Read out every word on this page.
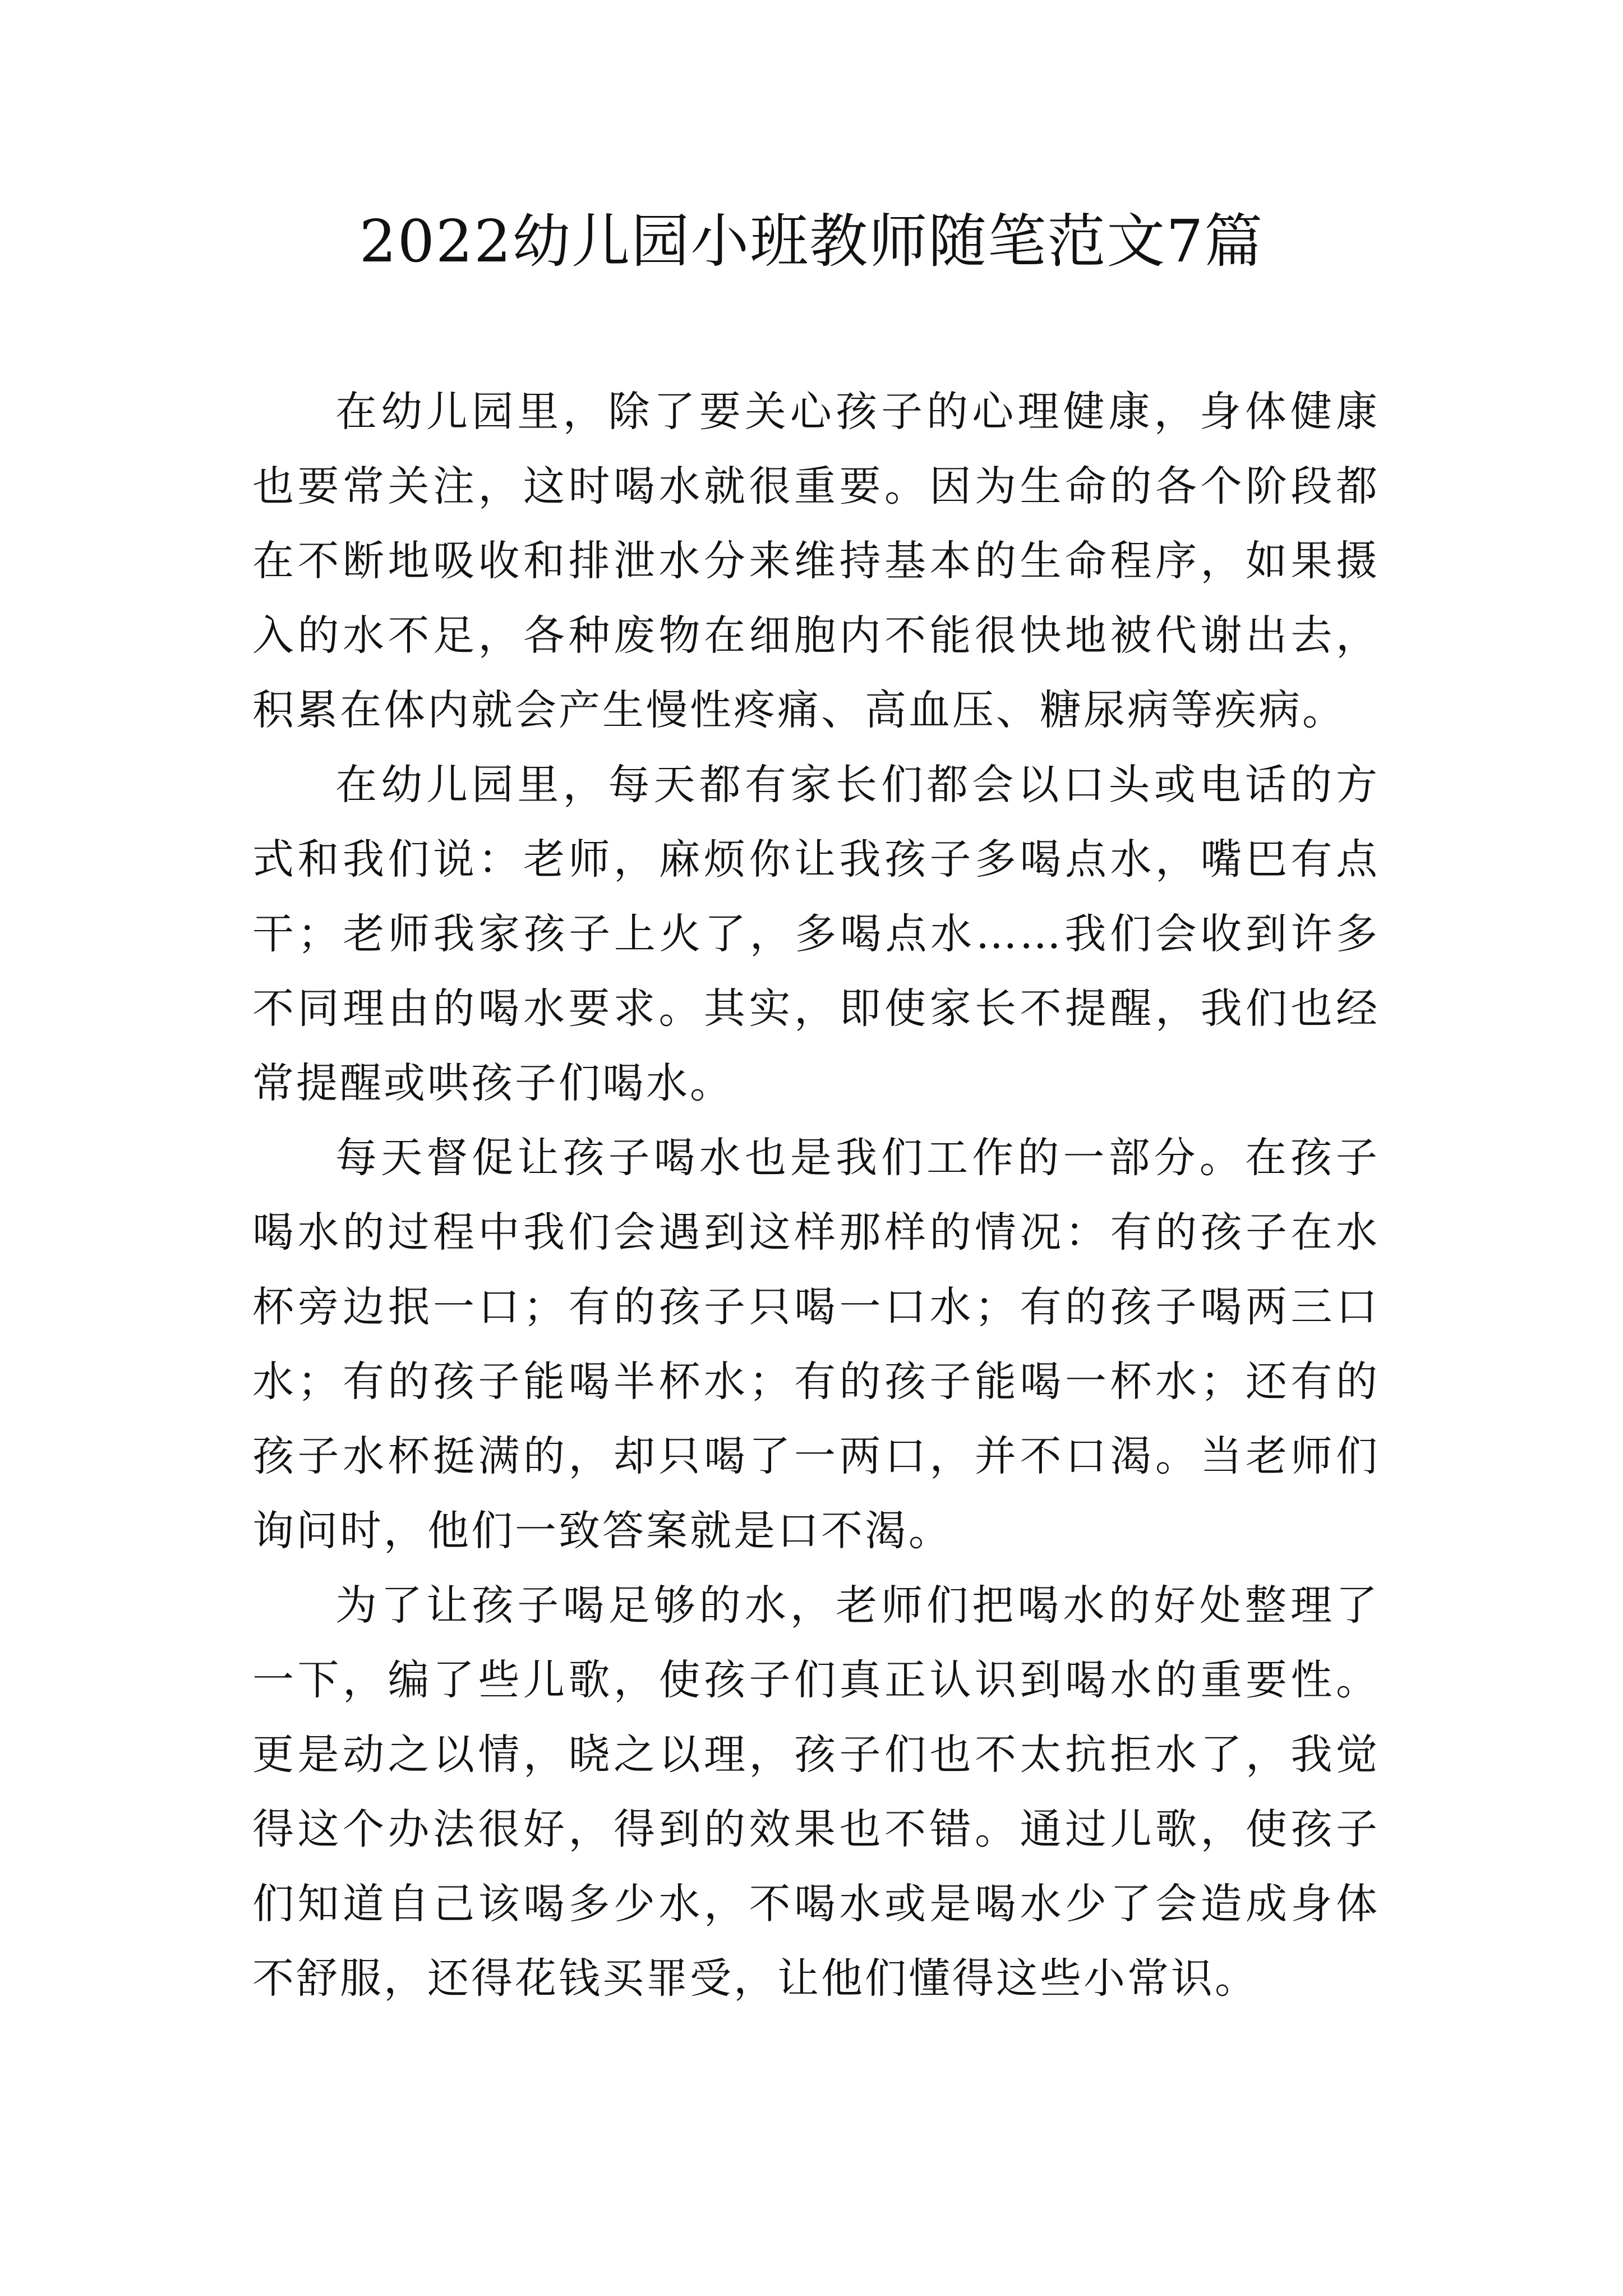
2022幼儿园小班教师随笔范文7篇

在幼儿园里，除了要关心孩子的心理健康，身体健康也要常关注，这时喝水就很重要。因为生命的各个阶段都在不断地吸收和排泄水分来维持基本的生命程序，如果摄入的水不足，各种废物在细胞内不能很快地被代谢出去，积累在体内就会产生慢性疼痛、高血压、糖尿病等疾病。

在幼儿园里，每天都有家长们都会以口头或电话的方式和我们说：老师，麻烦你让我孩子多喝点水，嘴巴有点干；老师我家孩子上火了，多喝点水……我们会收到许多不同理由的喝水要求。其实，即使家长不提醒，我们也经常提醒或哄孩子们喝水。

每天督促让孩子喝水也是我们工作的一部分。在孩子喝水的过程中我们会遇到这样那样的情况：有的孩子在水杯旁边抿一口；有的孩子只喝一口水；有的孩子喝两三口水；有的孩子能喝半杯水；有的孩子能喝一杯水；还有的孩子水杯挺满的，却只喝了一两口，并不口渴。当老师们询问时，他们一致答案就是口不渴。

为了让孩子喝足够的水，老师们把喝水的好处整理了一下，编了些儿歌，使孩子们真正认识到喝水的重要性。更是动之以情，晓之以理，孩子们也不太抗拒水了，我觉得这个办法很好，得到的效果也不错。通过儿歌，使孩子们知道自己该喝多少水，不喝水或是喝水少了会造成身体不舒服，还得花钱买罪受，让他们懂得这些小常识。
